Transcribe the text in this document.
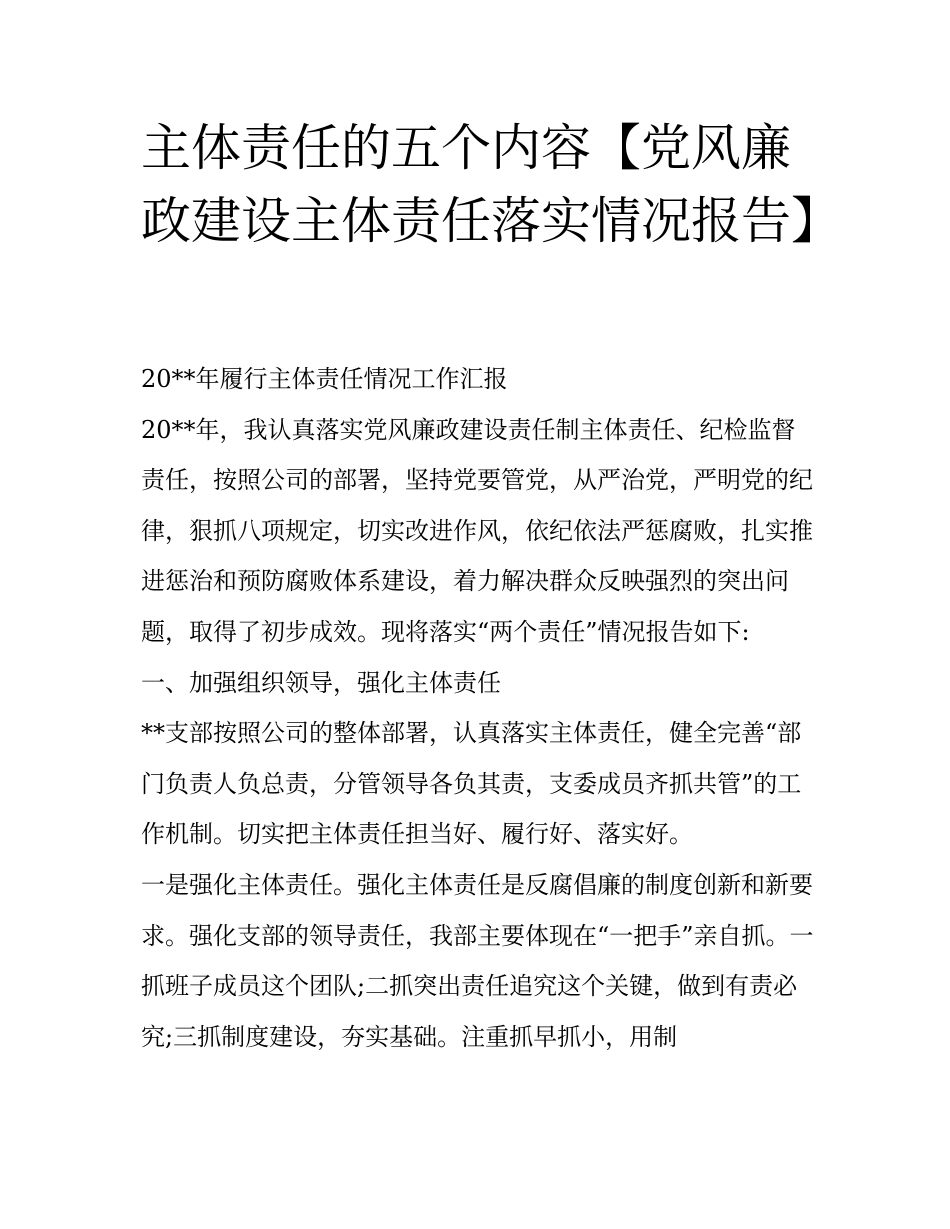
主体责任的五个内容【党风廉政建设主体责任落实情况报告】

20**年履行主体责任情况工作汇报

20**年，我认真落实党风廉政建设责任制主体责任、纪检监督责任，按照公司的部署，坚持党要管党，从严治党，严明党的纪律，狠抓八项规定，切实改进作风，依纪依法严惩腐败，扎实推进惩治和预防腐败体系建设，着力解决群众反映强烈的突出问题，取得了初步成效。现将落实“两个责任”情况报告如下:

一、加强组织领导，强化主体责任

**支部按照公司的整体部署，认真落实主体责任，健全完善“部门负责人负总责，分管领导各负其责，支委成员齐抓共管”的工作机制。切实把主体责任担当好、履行好、落实好。

一是强化主体责任。强化主体责任是反腐倡廉的制度创新和新要求。强化支部的领导责任，我部主要体现在“一把手”亲自抓。一抓班子成员这个团队;二抓突出责任追究这个关键，做到有责必究;三抓制度建设，夯实基础。注重抓早抓小，用制
